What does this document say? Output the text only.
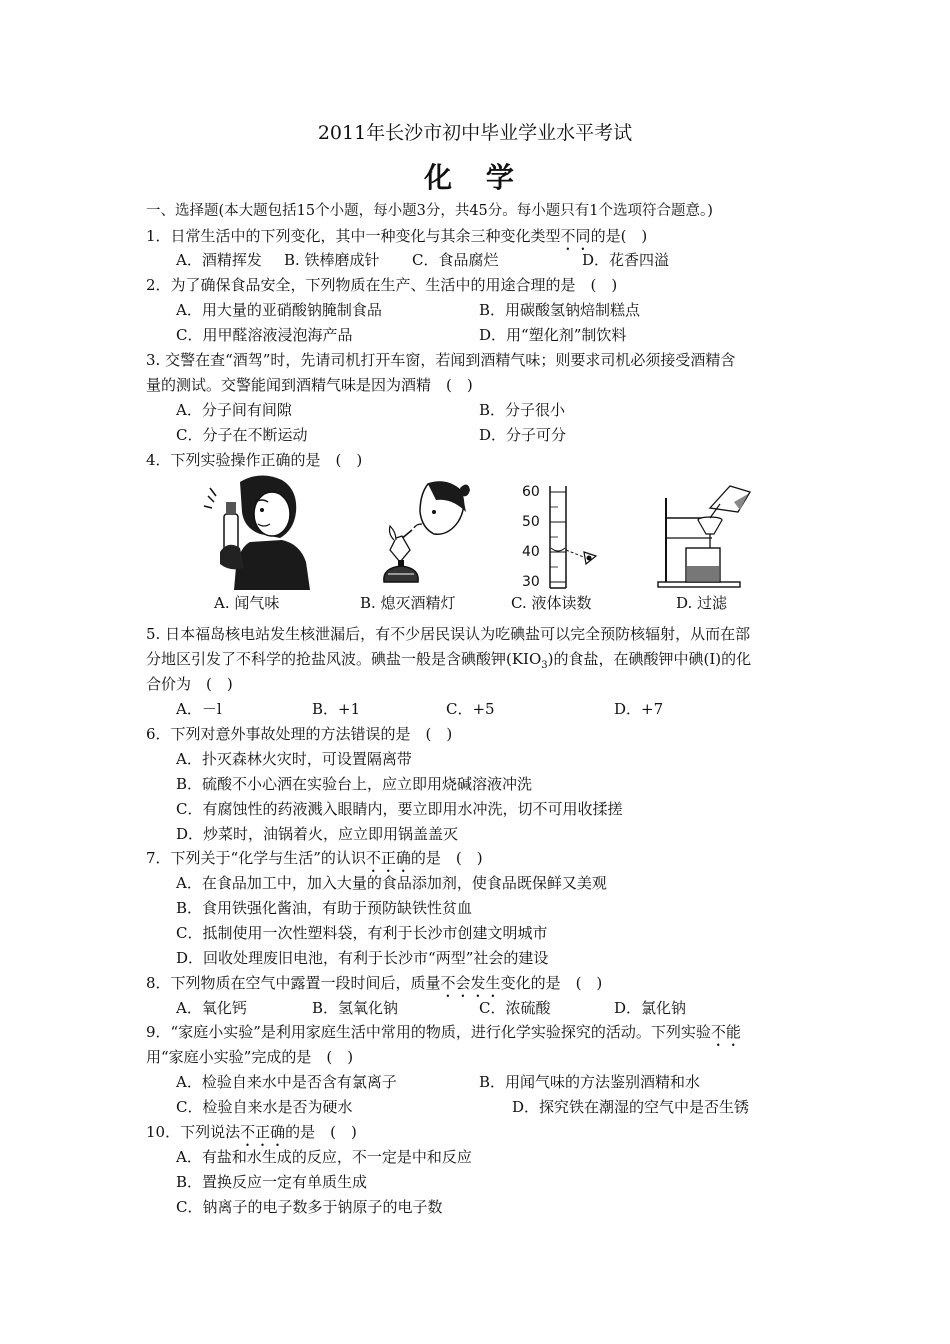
2011年长沙市初中毕业学业水平考试
化 学
一、选择题(本大题包括15个小题，每小题3分，共45分。每小题只有1个选项符合题意。)
1．日常生活中的下列变化，其中一种变化与其余三种变化类型不同的是(　)
A．酒精挥发 B. 铁棒磨成针 C．食品腐烂	D．花香四溢
2．为了确保食品安全，下列物质在生产、生活中的用途合理的是　(　)
A．用大量的亚硝酸钠腌制食品	B．用碳酸氢钠焙制糕点
C．用甲醛溶液浸泡海产品	D．用“塑化剂”制饮料
3. 交警在查“酒驾”时，先请司机打开车窗，若闻到酒精气味；则要求司机必须接受酒精含
量的测试。交警能闻到酒精气味是因为酒精　(　)
A．分子间有间隙	B．分子很小
C．分子在不断运动	D．分子可分
4．下列实验操作正确的是　(　)
A. 闻气味	B. 熄灭酒精灯
60
50
40
30
C. 液体读数	D. 过滤
5. 日本福岛核电站发生核泄漏后，有不少居民误认为吃碘盐可以完全预防核辐射，从而在部
分地区引发了不科学的抢盐风波。碘盐一般是含碘酸钾$(KIO_3)$的食盐，在碘酸钾中碘(I)的化
合价为　(　)
A．－l	B．+1	C．+5	D．+7
6．下列对意外事故处理的方法错误的是　(　)
A．扑灭森林火灾时，可设置隔离带
B．硫酸不小心洒在实验台上，应立即用烧碱溶液冲洗
C．有腐蚀性的药液溅入眼睛内，要立即用水冲洗，切不可用收揉搓
D．炒菜时，油锅着火，应立即用锅盖盖灭
7．下列关于“化学与生活”的认识不正确的是　(　)
A．在食品加工中，加入大量的食品添加剂，使食品既保鲜又美观
B．食用铁强化酱油，有助于预防缺铁性贫血
C．抵制使用一次性塑料袋，有利于长沙市创建文明城市
D．回收处理废旧电池，有利于长沙市“两型”社会的建设
8．下列物质在空气中露置一段时间后，质量不会发生变化的是　(　)
A．氧化钙	B．氢氧化钠	C．浓硫酸	D．氯化钠
9．“家庭小实验”是利用家庭生活中常用的物质，进行化学实验探究的活动。下列实验不能
用“家庭小实验”完成的是　(　)
A．检验自来水中是否含有氯离子	B．用闻气味的方法鉴别酒精和水
C．检验自来水是否为硬水	D．探究铁在潮湿的空气中是否生锈
10．下列说法不正确的是　(　)
A．有盐和水生成的反应，不一定是中和反应
B．置换反应一定有单质生成
C．钠离子的电子数多于钠原子的电子数
